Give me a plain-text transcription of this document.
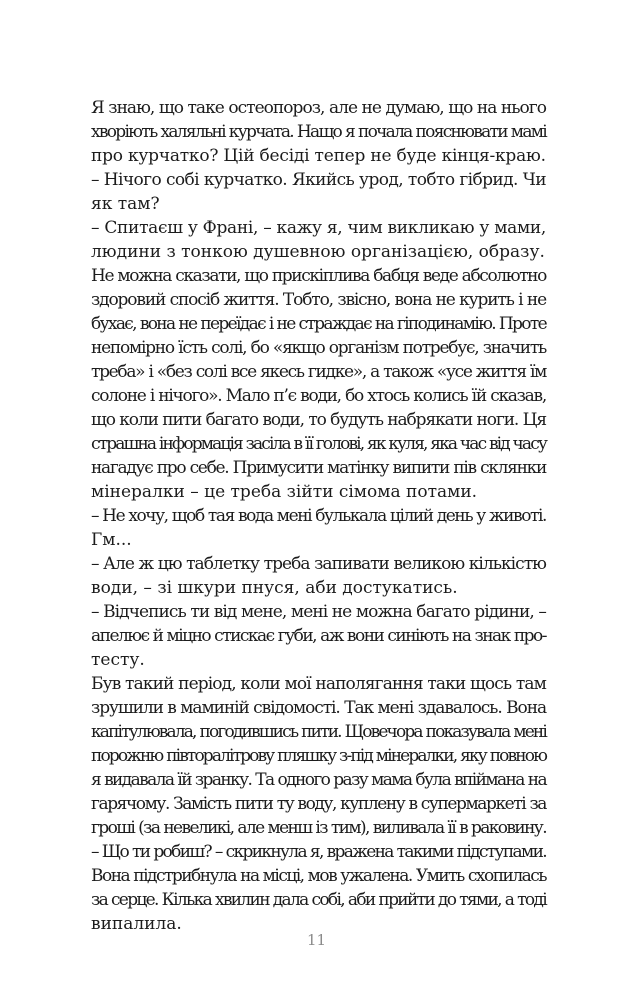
Я знаю, що таке остеопороз, але не думаю, що на нього
хворіють халяльні курчата. Нащо я почала пояснювати мамі
про курчатко? Цій бесіді тепер не буде кінця-краю.
– Нічого собі курчатко. Якийсь урод, тобто гібрид. Чи
як там?
– Спитаєш у Франі, – кажу я, чим викликаю у мами,
людини з тонкою душевною організацією, образу.
Не можна сказати, що прискіплива бабця веде абсолютно
здоровий спосіб життя. Тобто, звісно, вона не курить і не
бухає, вона не переїдає і не страждає на гіподинамію. Проте
непомірно їсть солі, бо «якщо організм потребує, значить
треба» і «без солі все якесь гидке», а також «усе життя їм
солоне і нічого». Мало п’є води, бо хтось колись їй сказав,
що коли пити багато води, то будуть набрякати ноги. Ця
страшна інформація засіла в її голові, як куля, яка час від часу
нагадує про себе. Примусити матінку випити пів склянки
мінералки – це треба зійти сімома потами.
– Не хочу, щоб тая вода мені булькала цілий день у животі.
Гм...
– Але ж цю таблетку треба запивати великою кількістю
води, – зі шкури пнуся, аби достукатись.
– Відчепись ти від мене, мені не можна багато рідини, –
апелює й міцно стискає губи, аж вони синіють на знак про-
тесту.
Був такий період, коли мої наполягання таки щось там
зрушили в маминій свідомості. Так мені здавалось. Вона
капітулювала, погодившись пити. Щовечора показувала мені
порожню півторалітрову пляшку з-під мінералки, яку повною
я видавала їй зранку. Та одного разу мама була впіймана на
гарячому. Замість пити ту воду, куплену в супермаркеті за
гроші (за невеликі, але менш із тим), виливала її в раковину.
– Що ти робиш? – скрикнула я, вражена такими підступами.
Вона підстрибнула на місці, мов ужалена. Умить схопилась
за серце. Кілька хвилин дала собі, аби прийти до тями, а тоді
випалила.
11
